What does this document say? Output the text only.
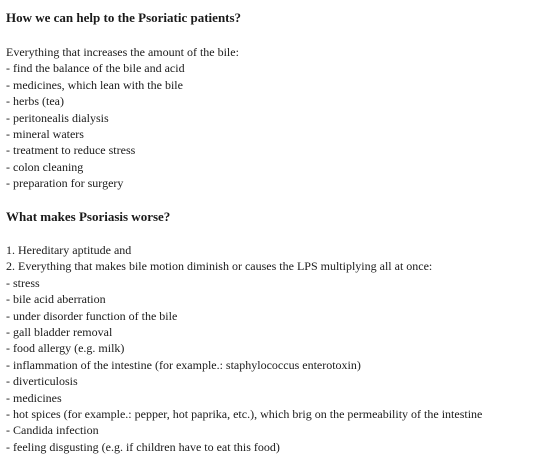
How we can help to the Psoriatic patients?
Everything that increases the amount of the bile:
- find the balance of the bile and acid
- medicines, which lean with the bile
- herbs (tea)
- peritonealis dialysis
- mineral waters
- treatment to reduce stress
- colon cleaning
- preparation for surgery
What makes Psoriasis worse?
1. Hereditary aptitude and
2. Everything that makes bile motion diminish or causes the LPS multiplying all at once:
- stress
- bile acid aberration
- under disorder function of the bile
- gall bladder removal
- food allergy (e.g. milk)
- inflammation of the intestine (for example.: staphylococcus enterotoxin)
- diverticulosis
- medicines
- hot spices (for example.: pepper, hot paprika, etc.), which brig on the permeability of the intestine
- Candida infection
- feeling disgusting (e.g. if children have to eat this food)
